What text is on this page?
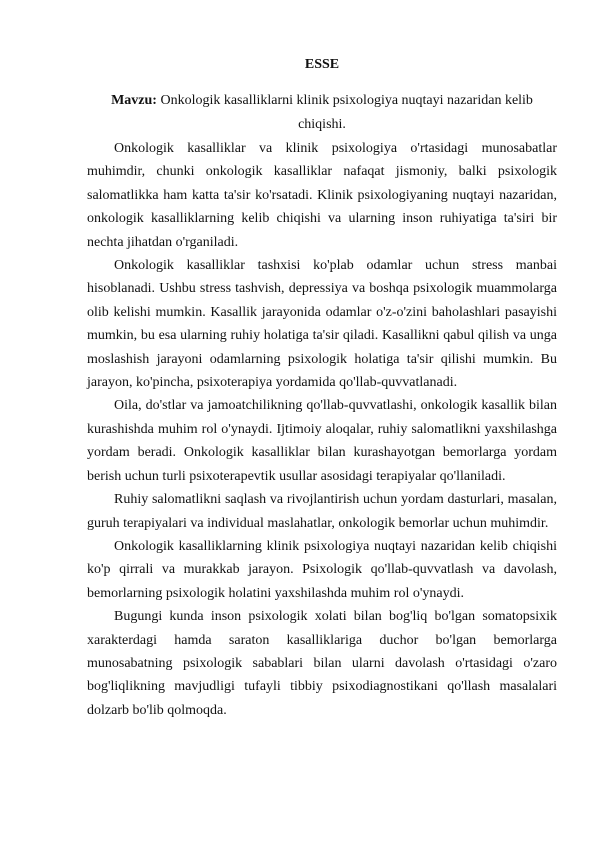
ESSE
Mavzu: Onkologik kasalliklarni klinik psixologiya nuqtayi nazaridan kelib chiqishi.

Onkologik kasalliklar va klinik psixologiya o'rtasidagi munosabatlar muhimdir, chunki onkologik kasalliklar nafaqat jismoniy, balki psixologik salomatlikka ham katta ta'sir ko'rsatadi. Klinik psixologiyaning nuqtayi nazaridan, onkologik kasalliklarning kelib chiqishi va ularning inson ruhiyatiga ta'siri bir nechta jihatdan o'rganiladi.

Onkologik kasalliklar tashxisi ko'plab odamlar uchun stress manbai hisoblanadi. Ushbu stress tashvish, depressiya va boshqa psixologik muammolarga olib kelishi mumkin. Kasallik jarayonida odamlar o'z-o'zini baholashlari pasayishi mumkin, bu esa ularning ruhiy holatiga ta'sir qiladi. Kasallikni qabul qilish va unga moslashish jarayoni odamlarning psixologik holatiga ta'sir qilishi mumkin. Bu jarayon, ko'pincha, psixoterapiya yordamida qo'llab-quvvatlanadi.

Oila, do'stlar va jamoatchilikning qo'llab-quvvatlashi, onkologik kasallik bilan kurashishda muhim rol o'ynaydi. Ijtimoiy aloqalar, ruhiy salomatlikni yaxshilashga yordam beradi. Onkologik kasalliklar bilan kurashayotgan bemorlarga yordam berish uchun turli psixoterapevtik usullar asosidagi terapiyalar qo'llaniladi.

Ruhiy salomatlikni saqlash va rivojlantirish uchun yordam dasturlari, masalan, guruh terapiyalari va individual maslahatlar, onkologik bemorlar uchun muhimdir.

Onkologik kasalliklarning klinik psixologiya nuqtayi nazaridan kelib chiqishi ko'p qirrali va murakkab jarayon. Psixologik qo'llab-quvvatlash va davolash, bemorlarning psixologik holatini yaxshilashda muhim rol o'ynaydi.

Bugungi kunda inson psixologik xolati bilan bog'liq bo'lgan somatopsixik xarakterdagi hamda saraton kasalliklariga duchor bo'lgan bemorlarga munosabatning psixologik sabablari bilan ularni davolash o'rtasidagi o'zaro bog'liqlikning mavjudligi tufayli tibbiy psixodiagnostikani qo'llash masalalari dolzarb bo'lib qolmoqda.
